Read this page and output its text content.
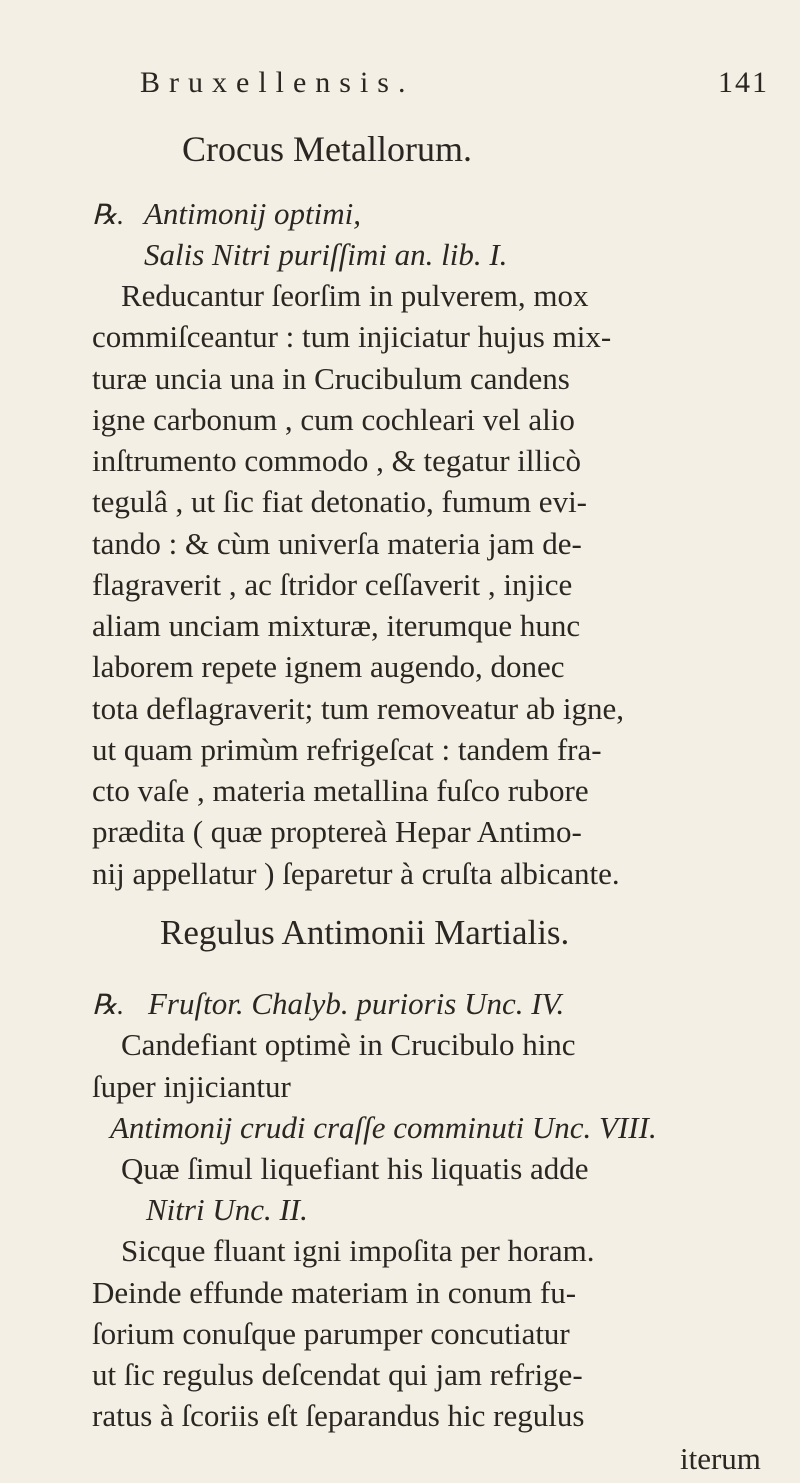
Bruxellensis.	141
Crocus Metallorum.
℞. Antimonij optimi,
Salis Nitri puriſſimi an. lib. I.
Reducantur ſeorſim in pulverem, mox
commiſceantur : tum injiciatur hujus mix-
turæ uncia una in Crucibulum candens
igne carbonum , cum cochleari vel alio
inſtrumento commodo , & tegatur illicò
tegulâ , ut ſic fiat detonatio, fumum evi-
tando : & cùm univerſa materia jam de-
flagraverit , ac ſtridor ceſſaverit , injice
aliam unciam mixturæ, iterumque hunc
laborem repete ignem augendo, donec
tota deflagraverit; tum removeatur ab igne,
ut quam primùm refrigeſcat : tandem fra-
cto vaſe , materia metallina fuſco rubore
prædita ( quæ proptereà Hepar Antimo-
nij appellatur ) ſeparetur à cruſta albicante.
Regulus Antimonii Martialis.
℞. Fruſtor. Chalyb. purioris Unc. IV.
Candefiant optimè in Crucibulo hinc
ſuper injiciantur
Antimonij crudi craſſe comminuti Unc. VIII.
Quæ ſimul liquefiant his liquatis adde
Nitri Unc. II.
Sicque fluant igni impoſita per horam.
Deinde effunde materiam in conum fu-
ſorium conuſque parumper concutiatur
ut ſic regulus deſcendat qui jam refrige-
ratus à ſcoriis eſt ſeparandus hic regulus
iterum
